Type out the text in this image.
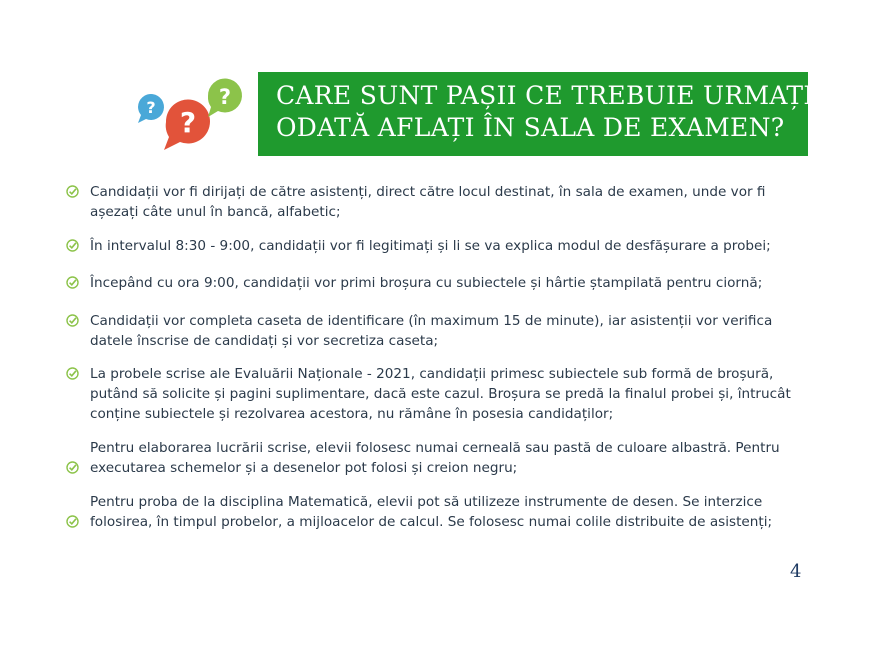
? ?
? CARE SUNT PAȘII CE TREBUIE URMAȚI
ODATĂ AFLAȚI ÎN SALA DE EXAMEN?
Candidații vor fi dirijați de către asistenți, direct către locul destinat, în sala de examen, unde vor fi așezați câte unul în bancă, alfabetic;
În intervalul 8:30 - 9:00, candidații vor fi legitimați și li se va explica modul de desfășurare a probei;
Începând cu ora 9:00, candidații vor primi broșura cu subiectele și hârtie ștampilată pentru ciornă;
Candidații vor completa caseta de identificare (în maximum 15 de minute), iar asistenții vor verifica datele înscrise de candidați și vor secretiza caseta;
La probele scrise ale Evaluării Naționale - 2021, candidații primesc subiectele sub formă de broșură, putând să solicite și pagini suplimentare, dacă este cazul. Broșura se predă la finalul probei și, întrucât conține subiectele și rezolvarea acestora, nu rămâne în posesia candidaților;
Pentru elaborarea lucrării scrise, elevii folosesc numai cerneală sau pastă de culoare albastră. Pentru executarea schemelor și a desenelor pot folosi și creion negru;
Pentru proba de la disciplina Matematică, elevii pot să utilizeze instrumente de desen. Se interzice folosirea, în timpul probelor, a mijloacelor de calcul. Se folosesc numai colile distribuite de asistenți;
4
